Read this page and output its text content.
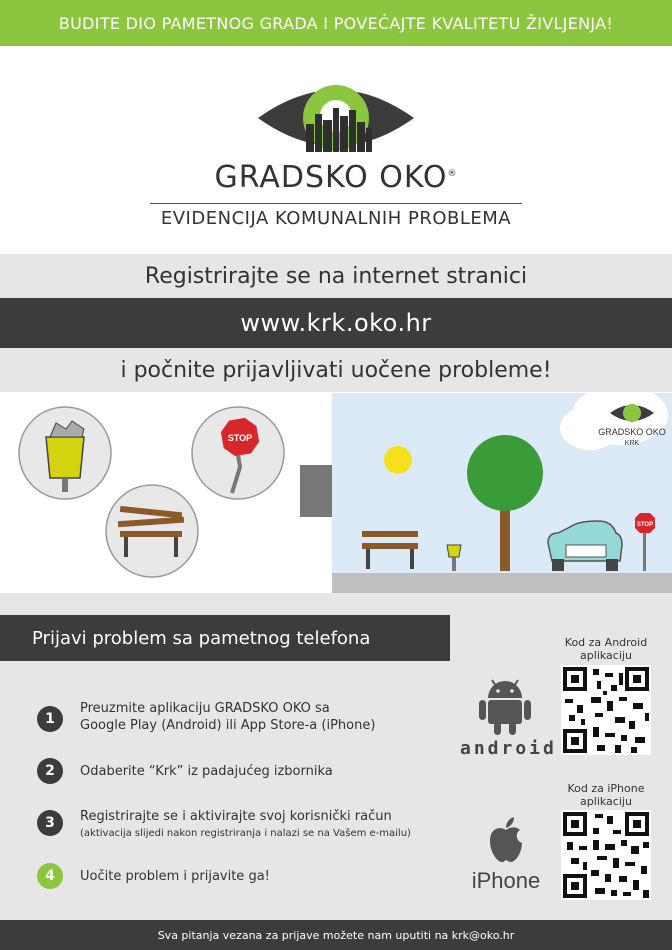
BUDITE DIO PAMETNOG GRADA I POVEĆAJTE KVALITETU ŽIVLJENJA!
GRADSKO OKO®
EVIDENCIJA KOMUNALNIH PROBLEMA
Registrirajte se na internet stranici
www.krk.oko.hr
i počnite prijavljivati uočene probleme!
STOP
GRADSKO OKO
KRK
STOP
Prijavi problem sa pametnog telefona
1
Preuzmite aplikaciju GRADSKO OKO sa
Google Play (Android) ili App Store-a (iPhone)
2	Odaberite “Krk” iz padajućeg izbornika
3	Registrirajte se i aktivirajte svoj korisnički račun
(aktivacija slijedi nakon registriranja i nalazi se na Vašem e-mailu)
4	Uočite problem i prijavite ga!
android
iPhone
Kod za Android aplikaciju
Kod za iPhone aplikaciju
Sva pitanja vezana za prijave možete nam uputiti na krk@oko.hr
